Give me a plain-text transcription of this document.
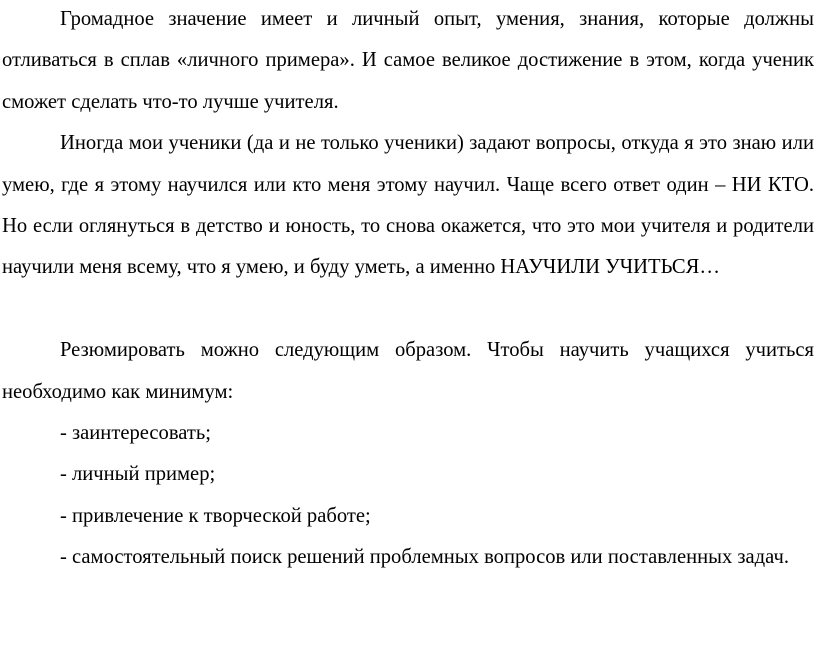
Громадное значение имеет и личный опыт, умения, знания, которые должны отливаться в сплав «личного примера». И самое великое достижение в этом, когда ученик сможет сделать что-то лучше учителя.

Иногда мои ученики (да и не только ученики) задают вопросы, откуда я это знаю или умею, где я этому научился или кто меня этому научил. Чаще всего ответ один – НИ КТО. Но если оглянуться в детство и юность, то снова окажется, что это мои учителя и родители научили меня всему, что я умею, и буду уметь, а именно НАУЧИЛИ УЧИТЬСЯ…

Резюмировать можно следующим образом. Чтобы научить учащихся учиться необходимо как минимум:

- заинтересовать;

- личный пример;

- привлечение к творческой работе;

- самостоятельный поиск решений проблемных вопросов или поставленных задач.
